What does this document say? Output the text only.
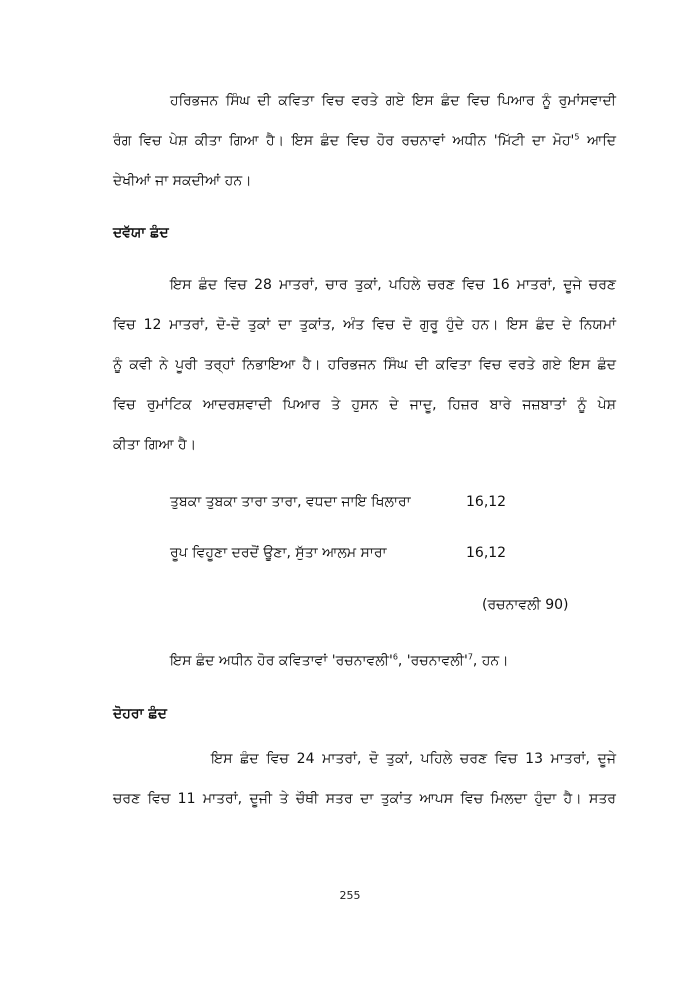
ਹਰਿਭਜਨ ਸਿੰਘ ਦੀ ਕਵਿਤਾ ਵਿਚ ਵਰਤੇ ਗਏ ਇਸ ਛੰਦ ਵਿਚ ਪਿਆਰ ਨੂੰ ਰੁਮਾਂਸਵਾਦੀ
ਰੰਗ ਵਿਚ ਪੇਸ਼ ਕੀਤਾ ਗਿਆ ਹੈ। ਇਸ ਛੰਦ ਵਿਚ ਹੋਰ ਰਚਨਾਵਾਂ ਅਧੀਨ 'ਮਿੱਟੀ ਦਾ $ਮੋਹ'^5$ ਆਦਿ
ਦੇਖੀਆਂ ਜਾ ਸਕਦੀਆਂ ਹਨ।
ਦਵੱਯਾ ਛੰਦ
ਇਸ ਛੰਦ ਵਿਚ 28 ਮਾਤਰਾਂ, ਚਾਰ ਤੁਕਾਂ, ਪਹਿਲੇ ਚਰਣ ਵਿਚ 16 ਮਾਤਰਾਂ, ਦੂਜੇ ਚਰਣ
ਵਿਚ 12 ਮਾਤਰਾਂ, ਦੋ-ਦੋ ਤੁਕਾਂ ਦਾ ਤੁਕਾਂਤ, ਅੰਤ ਵਿਚ ਦੋ ਗੁਰੂ ਹੁੰਦੇ ਹਨ। ਇਸ ਛੰਦ ਦੇ ਨਿਯਮਾਂ
ਨੂੰ ਕਵੀ ਨੇ ਪੂਰੀ ਤਰ੍ਹਾਂ ਨਿਭਾਇਆ ਹੈ। ਹਰਿਭਜਨ ਸਿੰਘ ਦੀ ਕਵਿਤਾ ਵਿਚ ਵਰਤੇ ਗਏ ਇਸ ਛੰਦ
ਵਿਚ ਰੁਮਾਂਟਿਕ ਆਦਰਸ਼ਵਾਦੀ ਪਿਆਰ ਤੇ ਹੁਸਨ ਦੇ ਜਾਦੂ, ਹਿਜ਼ਰ ਬਾਰੇ ਜਜ਼ਬਾਤਾਂ ਨੂੰ ਪੇਸ਼
ਕੀਤਾ ਗਿਆ ਹੈ।
ਤੁਬਕਾ ਤੁਬਕਾ ਤਾਰਾ ਤਾਰਾ, ਵਧਦਾ ਜਾਇ ਖਿਲਾਰਾ	16,12
ਰੂਪ ਵਿਹੂਣਾ ਦਰਦੋਂ ਊਣਾ, ਸੁੱਤਾ ਆਲਮ ਸਾਰਾ	16,12
(ਰਚਨਾਵਲੀ 90)
ਇਸ ਛੰਦ ਅਧੀਨ ਹੋਰ ਕਵਿਤਾਵਾਂ '$ਰਚਨਾਵਲੀ'^6$, '$ਰਚਨਾਵਲੀ'^7$, ਹਨ।
ਦੋਹਰਾ ਛੰਦ
ਇਸ ਛੰਦ ਵਿਚ 24 ਮਾਤਰਾਂ, ਦੋ ਤੁਕਾਂ, ਪਹਿਲੇ ਚਰਣ ਵਿਚ 13 ਮਾਤਰਾਂ, ਦੂਜੇ
ਚਰਣ ਵਿਚ 11 ਮਾਤਰਾਂ, ਦੂਜੀ ਤੇ ਚੌਥੀ ਸਤਰ ਦਾ ਤੁਕਾਂਤ ਆਪਸ ਵਿਚ ਮਿਲਦਾ ਹੁੰਦਾ ਹੈ। ਸਤਰ
255
